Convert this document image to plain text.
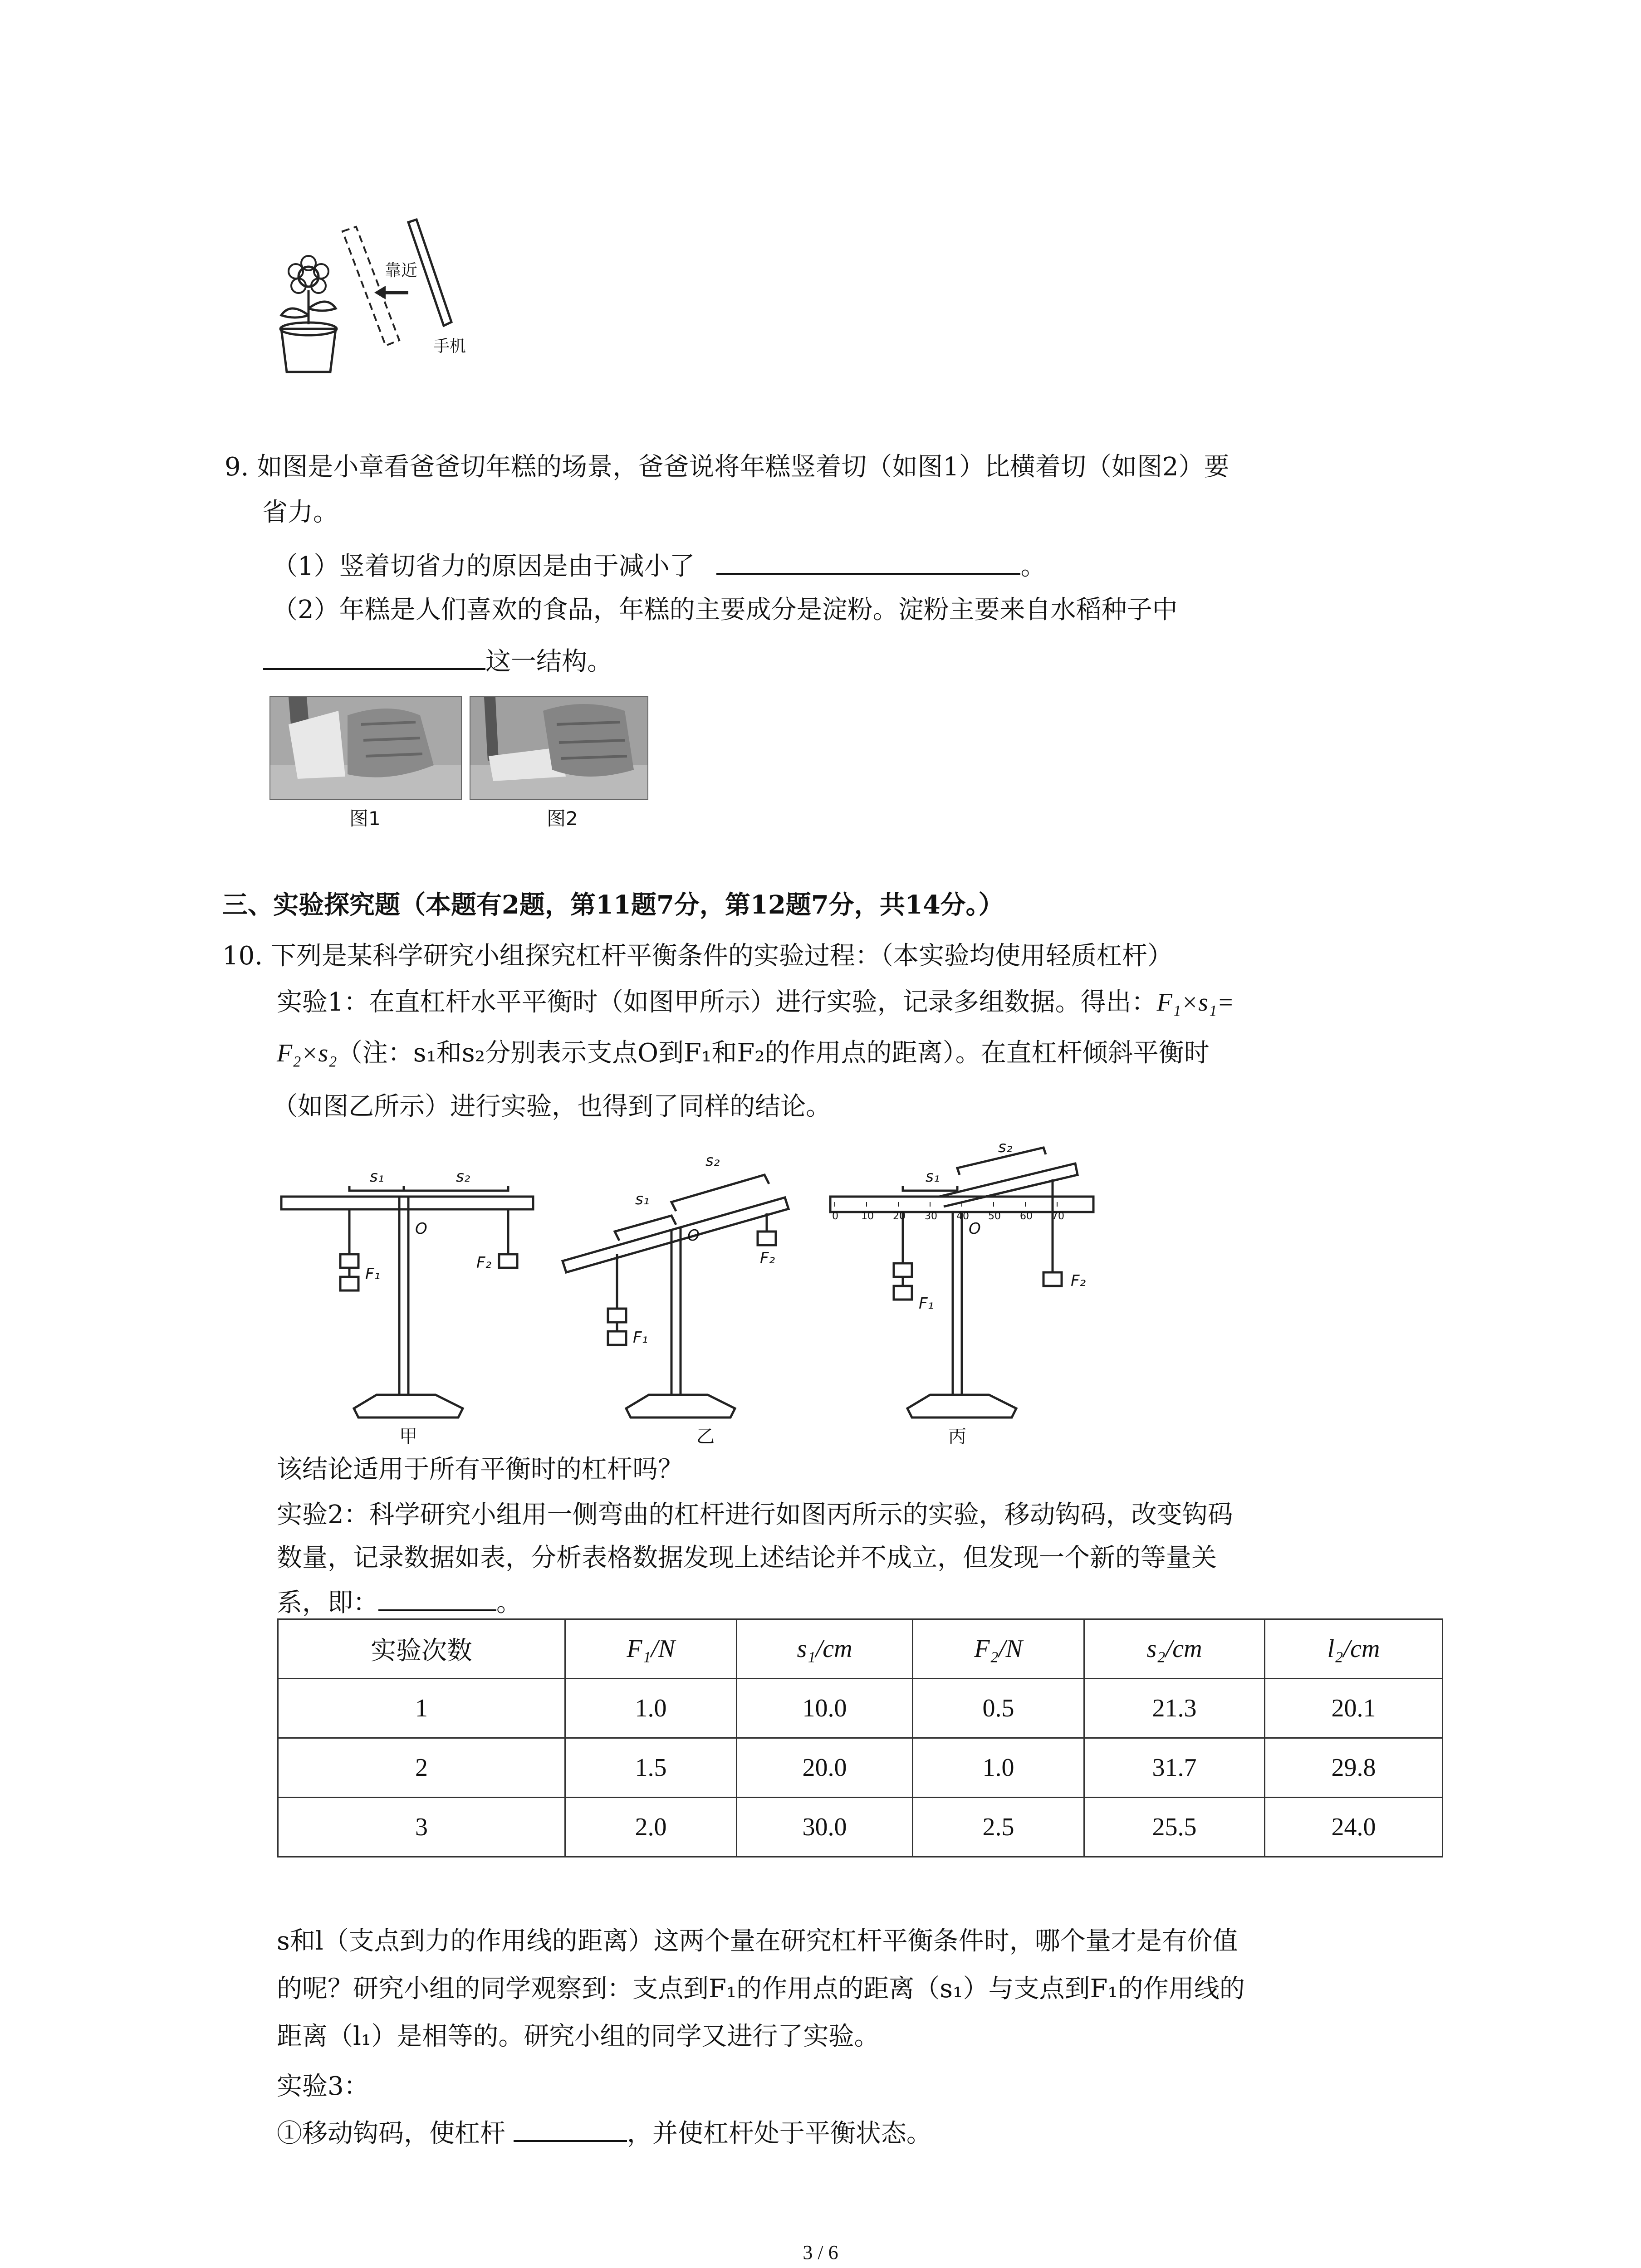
靠近
手机
9. 如图是小章看爸爸切年糕的场景，爸爸说将年糕竖着切（如图1）比横着切（如图2）要
省力。
（1）竖着切省力的原因是由于减小了	。
（2）年糕是人们喜欢的食品，年糕的主要成分是淀粉。淀粉主要来自水稻种子中
这一结构。
图1	图2
三、实验探究题（本题有2题，第11题7分，第12题7分，共14分。）
10. 下列是某科学研究小组探究杠杆平衡条件的实验过程：（本实验均使用轻质杠杆）
实验1：在直杠杆水平平衡时（如图甲所示）进行实验，记录多组数据。得出：F₁×s₁=
F₂×s₂（注：s₁和s₂分别表示支点O到F₁和F₂的作用点的距离）。在直杠杆倾斜平衡时
（如图乙所示）进行实验，也得到了同样的结论。
s₁	s₂
O
F₁
F₂
s₁
s₂
O
F₁
F₂
s₁
s₂
O
F₁
F₂
0 10 20 30 40 50 60 70
甲	乙	丙
该结论适用于所有平衡时的杠杆吗？
实验2：科学研究小组用一侧弯曲的杠杆进行如图丙所示的实验，移动钩码，改变钩码
数量，记录数据如表，分析表格数据发现上述结论并不成立，但发现一个新的等量关
系，即：	。
实验次数	F₁/N	s₁/cm	F₂/N	s₂/cm	l₂/cm
1	1.0	10.0	0.5	21.3	20.1
2	1.5	20.0	1.0	31.7	29.8
3	2.0	30.0	2.5	25.5	24.0
s和l（支点到力的作用线的距离）这两个量在研究杠杆平衡条件时，哪个量才是有价值
的呢？研究小组的同学观察到：支点到F₁的作用点的距离（s₁）与支点到F₁的作用线的
距离（l₁）是相等的。研究小组的同学又进行了实验。
实验3：
①移动钩码，使杠杆	，并使杠杆处于平衡状态。
3 / 6
